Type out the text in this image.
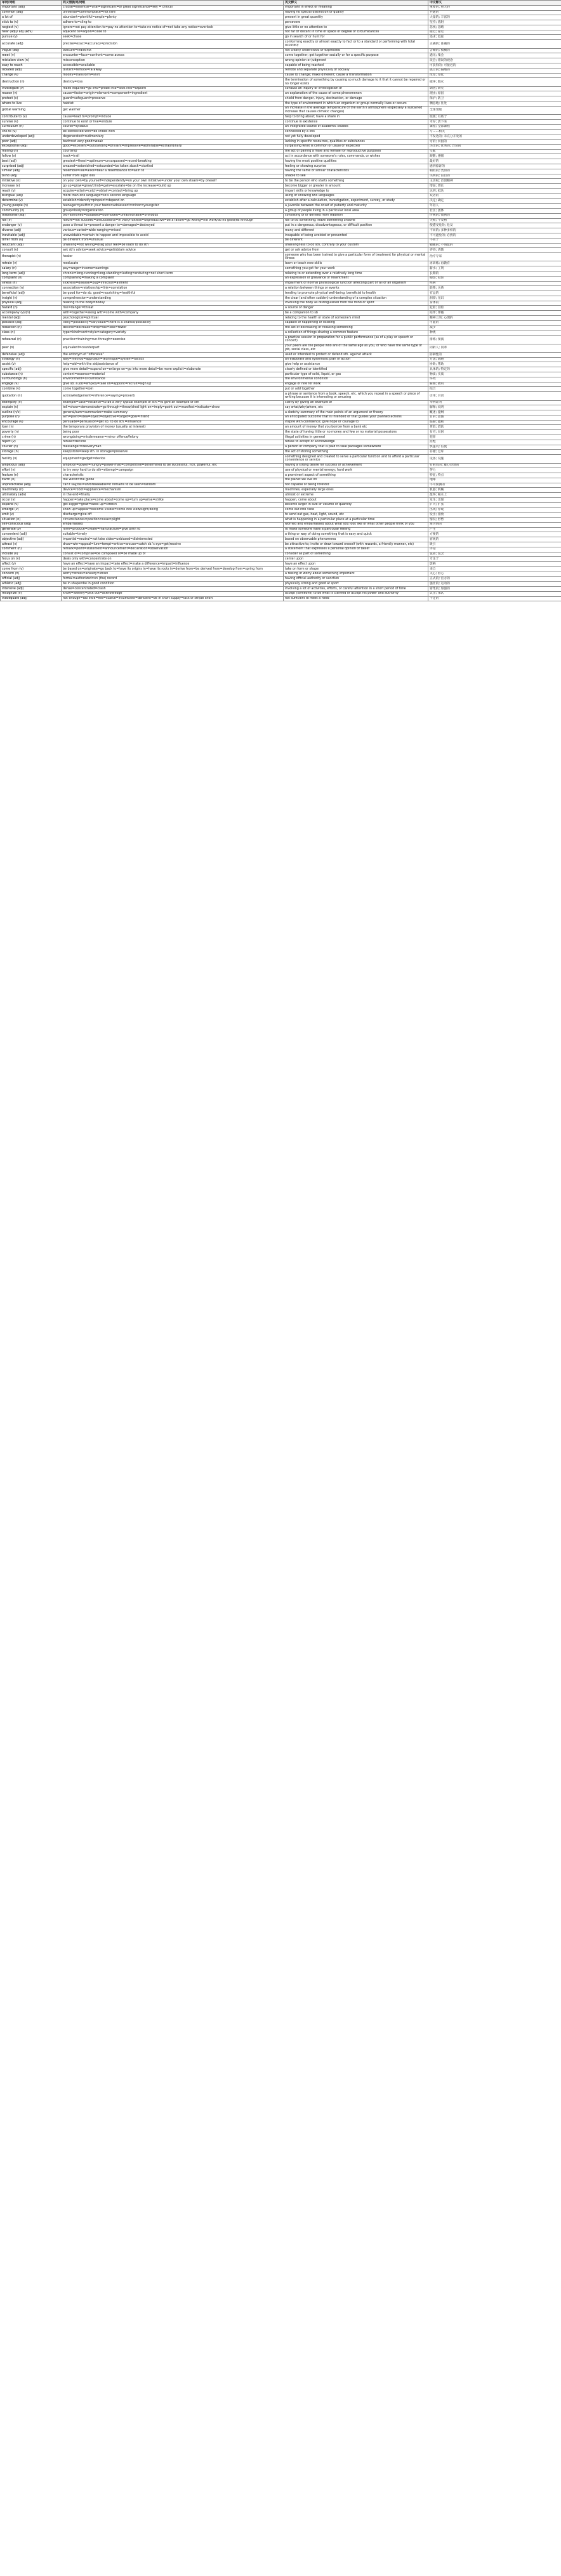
单词/词组	同义替换词/词组	英文释义	中文释义
important (adj)	crucial=essential=vital=significant=of great significance=key = critical	important in effect or meaning	重要的, 重大的
common (adj)	universal=commonplace=not rare	having no special distinction or quality	共通的
a lot of	abundant=plentiful=ample=plenty	present in great quantity	大量的; 丰富的
stick to (v)	adhere to=cling to	persevere	坚持; 依附
neglect (v)	ignore=not pay attention to=pay no attention to=take no notice of=not take any notice=overlook	give little or no attention to	忽视; 忽略
near (adj)/ adj (adv)	adjacent to=adjoin=close to	not far or distant in time or space or degree or circumstances	接近; 靠近
pursue (v)	seek=chase	go in search of or hunt for	追求; 追赶
accurate (adj)	precise=exact=accuracy=precision	conforming exactly or almost exactly to fact or to a standard or performing with total accuracy	正确的; 准确的
vague (adj)	obscure=indistinct	not clearly understood or expressed	含糊的; 模糊的
meet (v)	encounter=face=confront=come across	come together; get together socially or for a specific purpose	遇见; 集会
mistaken view (n)	misconception	wrong opinion or judgment	误会; 错误的观念
easy to reach	accessible=available	capable of being reached	可获得的; 可接近的
isolated (adj)	distant=remote=faraway	remote and separate physically or socially	孤立的; 隔绝的
change (v)	modify=transform=shift	cause to change; make different; cause a transformation	改变; 变化
destruction (n)	destroy=loss	the termination of something by causing so much damage to it that it cannot be repaired or no longer exists	破坏; 毁灭
investigate (v)	make inquiries=go into=probe into=look into=explore	conduct an inquiry or investigation of	调查; 研究
reason (n)	cause=factor=origin=element=component=ingredient	an explanation of the cause of some phenomenon	理由; 原因
protect (v)	guard=safeguard=preserve	shield from danger, injury, destruction, or damage	保护; 防卫
where to live	habitat	the type of environment in which an organism or group normally lives or occurs	栖息地; 住处
global warming	get warmer	an increase in the average temperature of the earth's atmosphere (especially a sustained increase that causes climatic changes)	全球变暖
contribute to (v)	cause=lead to=prompt=induce	help to bring about; have a share in	促使; 有助于
survive (v)	continue to exist or live=endure	continue in existence	幸存; 活下来
curriculum (n)	course=syllabus	an integrated course of academic studies	课程; 全部课程
link to (v)	be connected with=be linked with	connected by a link	与……相关
underdeveloped (adj)	degenerated=rudimentary	not yet fully developed	不发达的; 未充分开发的
poor (adj)	bad=not very good=weak	lacking in specific resources, qualities or substances	穷的; 贫困的
exceptional (adj)	good=excellent=outstanding=brilliant=impressive=admirable=extraordinary	surpassing what is common or usual or expected	杰出的; 优秀的; 异常的
mating (n)	courtship	the act of pairing a male and female for reproductive purposes	交配
follow (v)	track=trail	act in accordance with someone's rules, commands, or wishes	跟随; 遵循
best (adj)	greatest=finest=optimum=unsurpassed=record-breaking	having the most positive qualities	最好的
surprised (adj)	amazed=astonished=astounded=be taken aback=startled	feeling or showing surprise	感到惊讶的
similar (adj)	resemble=like=alike=bear a resemblance to=akin to	having the same or similar characteristics	相似的; 类似的
blind (adj)	suffer from sight loss	unable to see	失明的; 盲目的
initiative (n)	on your own=by yourself=independently=on your own initiative=under your own steam=by oneself	to be the person who starts something	主动权; 首创精神
increase (v)	go up=grow=grow/climb=gain=escalate=be on the increase=build up	become bigger or greater in amount	增加; 增长
reach (v)	acquire=attain=catch=obtain=contact=bring up	impart skills or knowledge to	达到; 抵达
bilingual (adj)	more than one language=sb's second language	using or knowing two languages	双语的
determine (v)	establish=identify=pinpoint=depend on	establish after a calculation, investigation, experiment, survey, or study	决定; 确定
young people (n)	teenager=youth=in your teens=adolescent=minor=youngster	a juvenile between the onset of puberty and maturity	年轻人
community (n)	group=body=organization	a group of people living in a particular local area	社区; 团体
traditional (adj)	old-fashioned=outdated=outmoded=unfashionable=orthodox	consisting of or derived from tradition	传统的; 惯例的
fail (v)	failure=not succeed=unsuccessful=in vain/fruitless=unproductive=be a failure=go wrong=not work/do no good/fall through	fail to do something; leave something undone	失败; 不及格
endanger (v)	pose a threat to=present a danger to=damaged=destroyed	put in a dangerous, disadvantageous, or difficult position	使遭受危险; 危及
diverse (adj)	various=varied=wide-ranging=mixed	many and different	不同的; 多种多样的
inevitable (adj)	unavoidable=certain to happen and impossible to avoid	incapable of being avoided or prevented	不可避免的; 必然的
differ from (v)	be different from=unusual	be different	不同于
reluctant (adj)	unwilling=not willing=drag your feet=be loath to do sth	unwillingness to do sth, contrary to your custom	勉强的; 不情愿的
consult (v)	ask sb's advice=seek advice=get/obtain advice	get or ask advice from	咨询; 请教
therapist (n)	healer	someone who has been trained to give a particular form of treatment for physical or mental illness	治疗专家
retrain (v)	reeducate	learn or teach new skills	再训练; 再教育
salary (n)	pay=wage=income=earnings	something you get for your work	薪水; 工资
long-term (adj)	chronic=long-running=long-standing=lasting=enduring=not short-term	relating to or extending over a relatively long time	长期的
complaint (n)	complaining=making a complaint	an expression of grievance or resentment	抱怨; 投诉
illness (n)	sickness=disease=bug=infection=ailment	impairment of normal physiological function affecting part or all of an organism	疾病
connection (n)	association=relationship=link=correlation	a relation between things or events	联系; 关系
beneficial (adj)	be good for=do sb. good=nourishing=healthful	tending to promote physical well-being; beneficial to health	有益的
insight (n)	comprehension=understanding	the clear (and often sudden) understanding of a complex situation	洞察; 见识
physical (adj)	relating to the body=bodily	involving the body as distinguished from the mind or spirit	身体的
hazard (n)	risk=danger=threat	a source of danger	危险; 冒险
accompany (v)/(n)	with=together=along with=come with=company	be a companion to sb	陪伴; 伴随
mental (adj)	psychological=spiritual	relating to the health or state of someone's mind	精神上的; 心理的
possible (adj)	likely=possibility=can/could=there is a chance/possibility	capable of happening or existing	可能的
reduction (n)	decline=decrease=drop=fall=less=fewer	the act of decreasing or reducing something	减少
class (n)	type=kind=sort=style=category=variety	a collection of things sharing a common feature	种类
rehearsal (n)	practice=training=run-through=exercise	a practice session in preparation for a public performance (as of a play or speech or concert)	排练; 预演
peer (n)	equivalent=counterpart	your peers are the people who are of the same age as you, or who have the same type of job, social class, etc	同龄人; 同辈
defensive (adj)	the antonym of "offensive"	used or intended to protect or defend sth. against attack	防御性的
strategy (n)	way=method=approach=technique=system=tactics	an elaborate and systematic plan of action	方法; 战略
assist (v)	help=aid=with the aid/assistance of	give help or assistance	协助; 帮助
specific (adj)	give more detail=expand on=enlarge on=go into more detail=be more explicit=elaborate	clearly defined or identified	具体的; 特定的
substance (n)	content=essence=material	particular type of solid, liquid, or gas	物质; 实质
surroundings (n)	environment=circumstance	the environmental condition	环境
engage (v)	give sb. a job=employ=take on=appoint=recruit=sign up	engage or hire for work	雇佣; 聘用
combine (v)	come together=join	put or add together	结合
quotation (n)	acknowledgement=reference=saying=proverb	a phrase or sentence from a book, speech, etc. which you repeat in a speech or piece of writing because it is interesting or amusing	引用; 引语
exemplify (v)	example=case=instance=to be a very typical example of sth.=to give an example of sth	clarify by giving an example of	举例证明
explain (v)	tell=show=demonstrate=go through=throw/shed light on=imply=point out=manifest=indicate=show	say what/why/where, etc	解释; 说明
outline (n/v)	general/sum=summarize=make summary	a sketchy summary of the main points of an argument or theory	概述; 提纲
purpose (n)	aim=point=idea=object=objective=target=goal=intend	an anticipated outcome that is intended or that guides your planned actions	目的; 意图
encourage (v)	persuade=persuasion=get sb. to do sth.=influence	inspire with confidence; give hope or courage to	鼓励; 激励
loan (n)	the temporary provision of money (usually at interest)	an amount of money that you borrow from a bank etc	贷款; 借款
poverty (n)	being poor	the state of having little or no money and few or no material possessions	贫穷; 贫困
crime (n)	wrongdoing=misdemeanor=minor offence/felony	illegal activities in general	犯罪
reject (v)	refuse=decline	refuse to accept or acknowledge	拒绝
courier (n)	messenger=deliveryman	a person or company that is paid to take packages somewhere	快递员; 信使
storage (n)	keep/store=keep sth. in storage=preserve	the act of storing something	存储; 仓库
facility (n)	equipment=gadget=device	something designed and created to serve a particular function and to afford a particular convenience or service	设备; 设施
ambitious (adj)	ambition=power=hungry=power-mad=competitive=determined to be successful, rich, powerful, etc	having a strong desire for success or achievement	有抱负的; 雄心勃勃的
effort (n)	to try very hard to do sth=attempt=campaign	use of physical or mental energy; hard work	努力
feature (n)	characteristic	a prominent aspect of something	特征; 特点
Earth (n)	the world=the globe	the planet we live on	地球
unpredictable (adj)	can't say/tell=unforeseeable=it remains to be seen=random	not capable of being foretold	不可预测的
machinery (n)	device=robot=appliance=mechanism	machines, especially large ones	机器; 机械
ultimately (adv)	in the end=finally	utmost or extreme	最终; 根本上
occur (v)	happen=take place=come about=come up=turn up=arise=strike	happen, come about	发生; 出现
expand (v)	get bigger=grow=swell up=stretch	become larger in size or volume or quantity	扩大; 扩张
emerge (v)	show up=appear=become visible=come into view/sight/being	come out into view	出现; 浮现
emit (v)	discharge=give off	to send out gas, heat, light, sound, etc	发出; 排放
situation (n)	circumstances=position=case=plight	what is happening in a particular place at a particular time	情况; 形势
self-conscious (adj)	embarrassed	worried and embarrassed about what you look like or what other people think of you	难为情的
generate (v)	form=produce=create=manufacture=give birth to	to make someone have a particular feeling	产生
convenient (adj)	suitable=timely	a thing or way of doing something that is easy and quick	方便的
objective (adj)	impartial=neutral=not take sides=unbiased=disinterested	based on observable phenomena	客观的
attract (v)	draw=win=appeal=lure=tempt=entice=arouse=catch sb.'s eye=get/receive	be attractive to; invite or draw toward oneself (with rewards, a friendly manner, etc)	吸引
comment (n)	remark=point=statement=announcement=declaration=observation	a statement that expresses a personal opinion or belief	评论
include (v)	consist of=comprise=be composed of=be made up of	consider as part of something	包括; 包含
focus on (v)	deals only with=concentrate on	center upon	专注于
affect (v)	have an effect=have an impact=take effect=make a difference=impact=influence	have an effect upon	影响
come from (v)	be based on=originate=go back to=have its origins in=have its roots in=derive from=be derived from=develop from=spring from	take on form or shape	来自
concern (n)	worry=stress=anxiety=strain	a feeling of worry about something important	关心; 担心
official (adj)	formal=authorized=on (the) record	having official authority or sanction	正式的; 官方的
athletic (adj)	be in shape=be in good condition	physically strong and good at sport	强壮的; 运动的
intensive (adj)	dense=concentrated=crash	involving a lot of activities, efforts, or careful attention in a short period of time	密集的; 加强的
recognize (v)	know=identify=pick out=acknowledge	accept (someone) to be what is claimed or accept his power and authority	认出; 承认
inadequate (adj)	not enough=too little=few=scarce=insufficient=deficient=be in short supply=lack of sth/be short	not sufficient to meet a need	不足的
